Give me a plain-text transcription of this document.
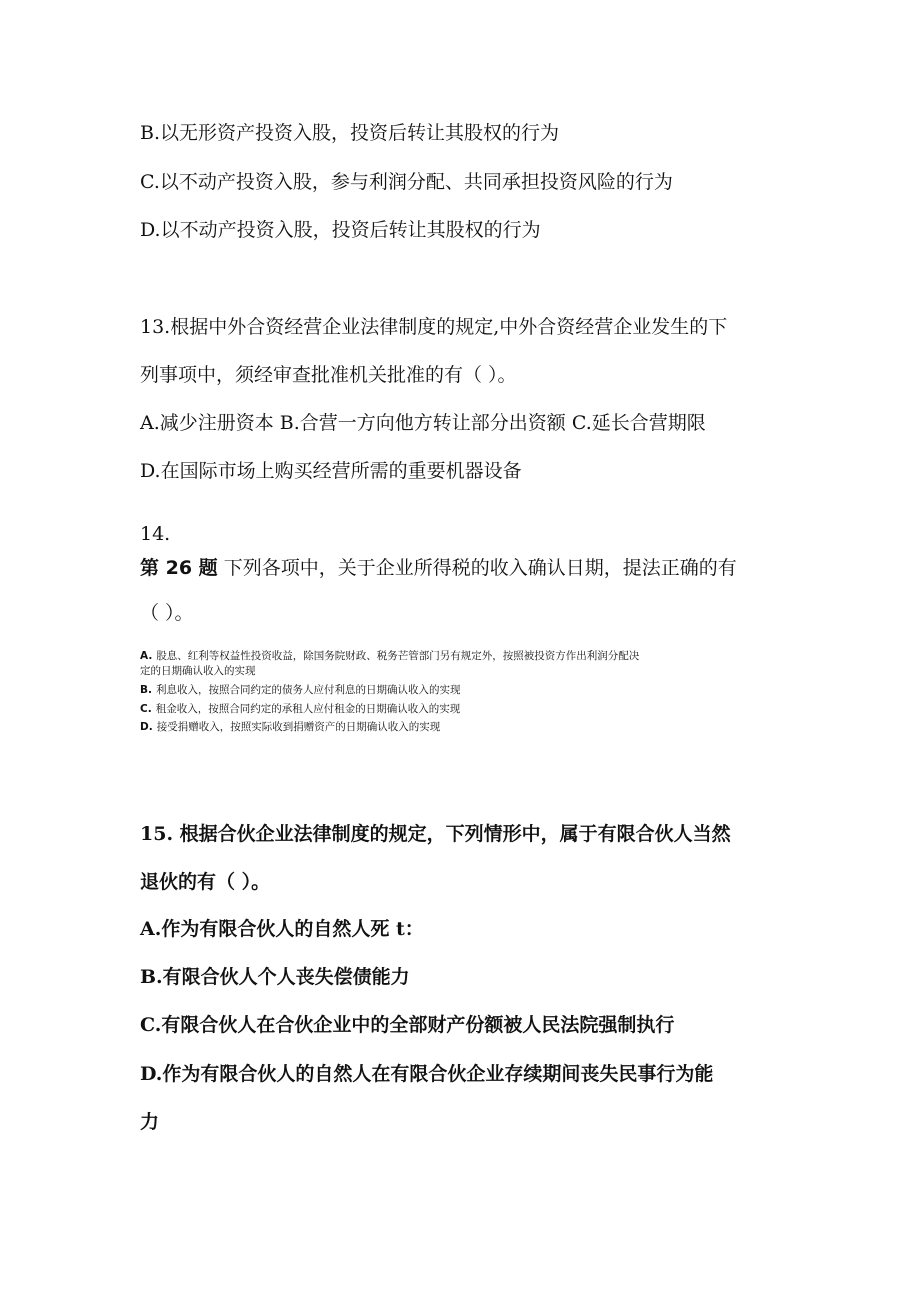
B.以无形资产投资入股，投资后转让其股权的行为
C.以不动产投资入股，参与利润分配、共同承担投资风险的行为
D.以不动产投资入股，投资后转让其股权的行为
13.根据中外合资经营企业法律制度的规定,中外合资经营企业发生的下
列事项中，须经审查批准机关批准的有（ ）。
A.减少注册资本 B.合营一方向他方转让部分出资额 C.延长合营期限
D.在国际市场上购买经营所需的重要机器设备
14.
第 26 题 下列各项中，关于企业所得税的收入确认日期，提法正确的有
（ ）。
A. 股息、红利等权益性投资收益，除国务院财政、税务芒管部门另有规定外，按照被投资方作出利润分配决
定的日期确认收入的实现
B. 利息收入，按照合同约定的债务人应付利息的日期确认收入的实现
C. 租金收入，按照合同约定的承租人应付租金的日期确认收入的实现
D. 接受捐赠收入，按照实际收到捐赠资产的日期确认收入的实现
15. 根据合伙企业法律制度的规定，下列情形中，属于有限合伙人当然
退伙的有（ ）。
A.作为有限合伙人的自然人死 t：
B.有限合伙人个人丧失偿债能力
C.有限合伙人在合伙企业中的全部财产份额被人民法院强制执行
D.作为有限合伙人的自然人在有限合伙企业存续期间丧失民事行为能
力
